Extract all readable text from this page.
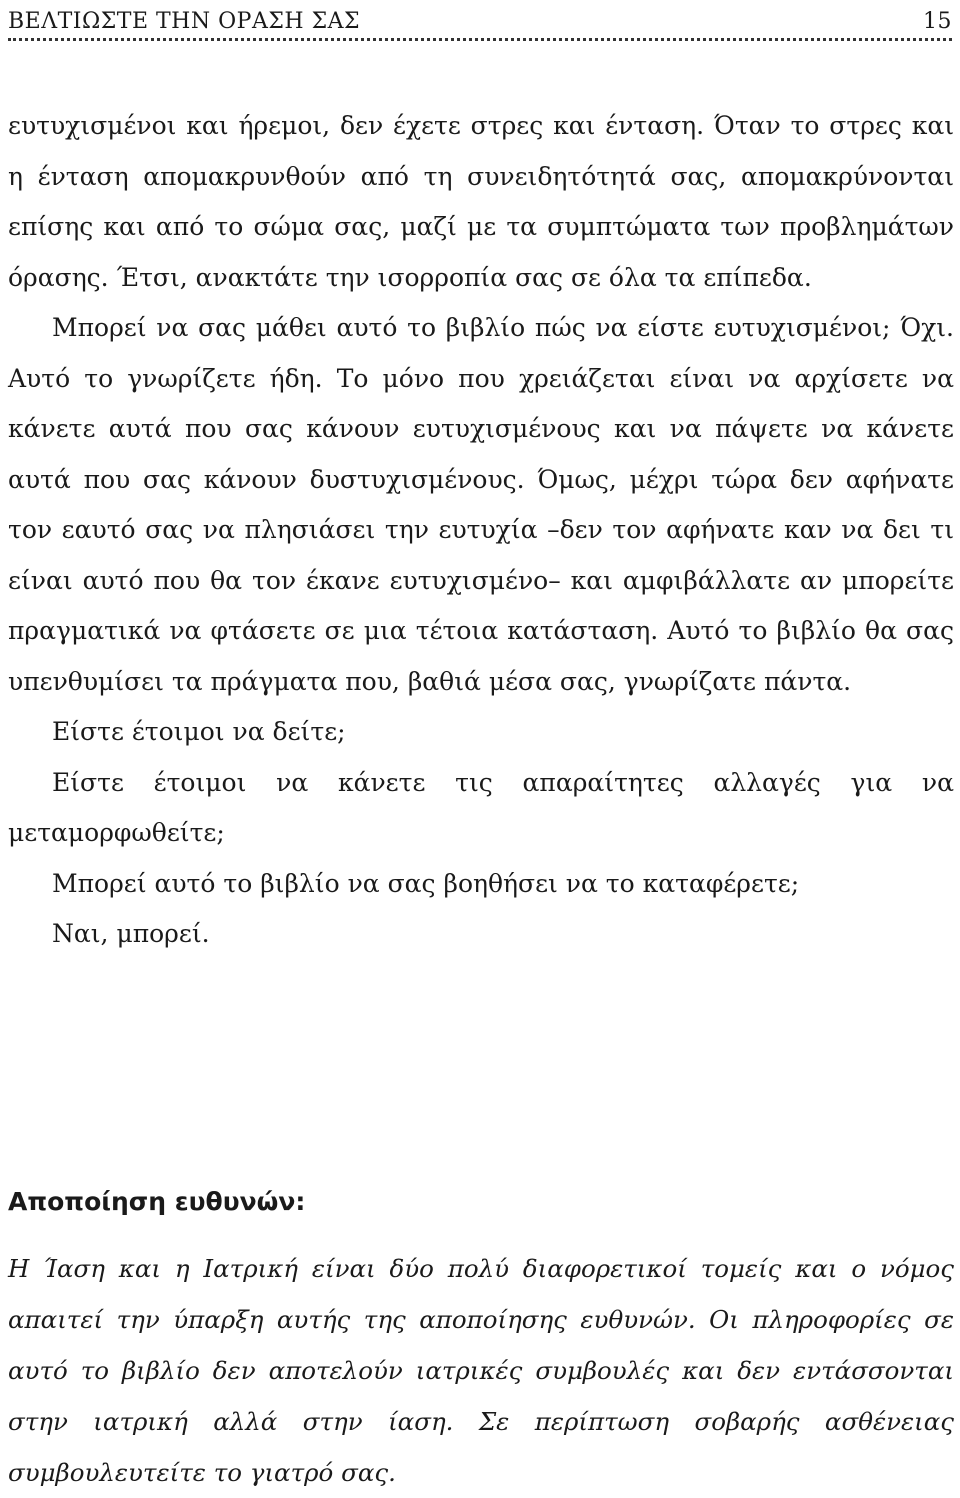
ΒΕΛΤΙΩΣΤΕ ΤΗΝ ΟΡΑΣΗ ΣΑΣ	15

ευτυχισμένοι και ήρεμοι, δεν έχετε στρες και ένταση. Όταν το στρες και η ένταση απομακρυνθούν από τη συνειδητότητά σας, απομακρύνονται επίσης και από το σώμα σας, μαζί με τα συμπτώματα των προβλημάτων όρασης. Έτσι, ανακτάτε την ισορροπία σας σε όλα τα επίπεδα.

Μπορεί να σας μάθει αυτό το βιβλίο πώς να είστε ευτυχισμένοι; Όχι. Αυτό το γνωρίζετε ήδη. Το μόνο που χρειάζεται είναι να αρχίσετε να κάνετε αυτά που σας κάνουν ευτυχισμένους και να πάψετε να κάνετε αυτά που σας κάνουν δυστυχισμένους. Όμως, μέχρι τώρα δεν αφήνατε τον εαυτό σας να πλησιάσει την ευτυχία –δεν τον αφήνατε καν να δει τι είναι αυτό που θα τον έκανε ευτυχισμένο– και αμφιβάλλατε αν μπορείτε πραγματικά να φτάσετε σε μια τέτοια κατάσταση. Αυτό το βιβλίο θα σας υπενθυμίσει τα πράγματα που, βαθιά μέσα σας, γνωρίζατε πάντα.

Είστε έτοιμοι να δείτε;

Είστε έτοιμοι να κάνετε τις απαραίτητες αλλαγές για να μεταμορφωθείτε;

Μπορεί αυτό το βιβλίο να σας βοηθήσει να το καταφέρετε;

Ναι, μπορεί.

Αποποίηση ευθυνών:
Η Ίαση και η Ιατρική είναι δύο πολύ διαφορετικοί τομείς και ο νόμος απαιτεί την ύπαρξη αυτής της αποποίησης ευθυνών. Οι πληροφορίες σε αυτό το βιβλίο δεν αποτελούν ιατρικές συμβουλές και δεν εντάσσονται στην ιατρική αλλά στην ίαση. Σε περίπτωση σοβαρής ασθένειας συμβουλευτείτε το γιατρό σας.
